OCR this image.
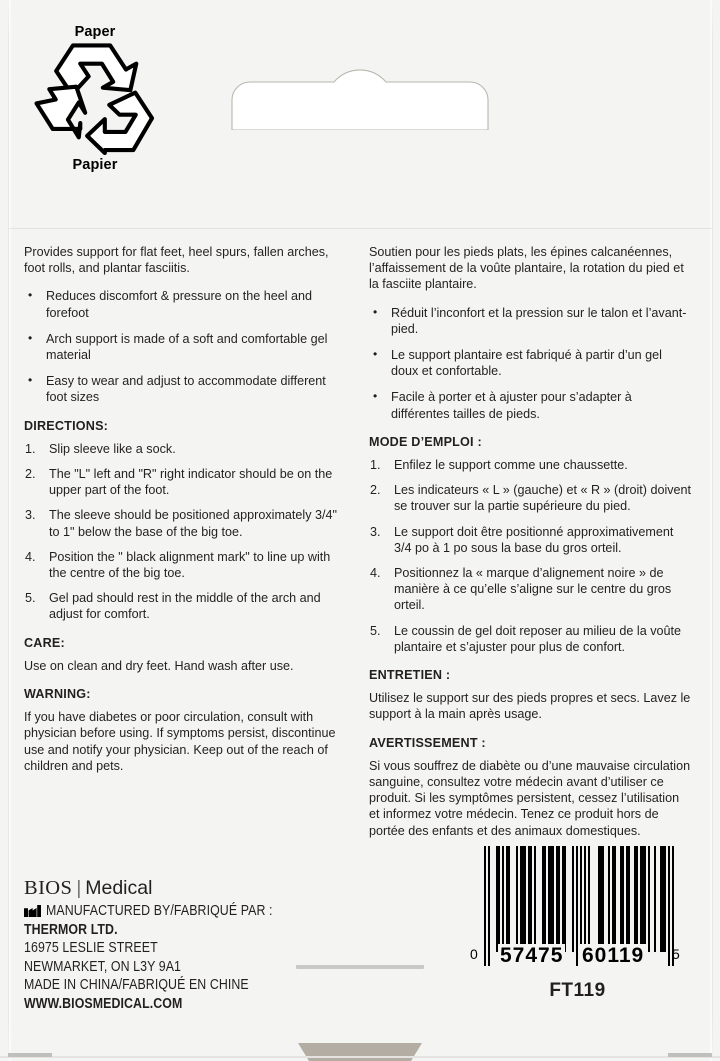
Paper
Papier

Provides support for flat feet, heel spurs, fallen arches, foot rolls, and plantar fasciitis.

• Reduces discomfort & pressure on the heel and forefoot
• Arch support is made of a soft and comfortable gel material
• Easy to wear and adjust to accommodate different foot sizes
DIRECTIONS:
Slip sleeve like a sock.
The "L" left and "R" right indicator should be on the upper part of the foot.
The sleeve should be positioned approximately 3/4" to 1" below the base of the big toe.
Position the " black alignment mark" to line up with the centre of the big toe.
Gel pad should rest in the middle of the arch and adjust for comfort.
CARE:

Use on clean and dry feet. Hand wash after use.

WARNING:

If you have diabetes or poor circulation, consult with physician before using. If symptoms persist, discontinue use and notify your physician. Keep out of the reach of children and pets.

Soutien pour les pieds plats, les épines calcanéennes, l’affaissement de la voûte plantaire, la rotation du pied et la fasciite plantaire.

• Réduit l’inconfort et la pression sur le talon et l’avant-pied.
• Le support plantaire est fabriqué à partir d’un gel doux et confortable.
• Facile à porter et à ajuster pour s’adapter à différentes tailles de pieds.
MODE D’EMPLOI :
Enfilez le support comme une chaussette.
Les indicateurs « L » (gauche) et « R » (droit) doivent se trouver sur la partie supérieure du pied.
Le support doit être positionné approximativement 3/4 po à 1 po sous la base du gros orteil.
Positionnez la « marque d’alignement noire » de manière à ce qu’elle s’aligne sur le centre du gros orteil.
Le coussin de gel doit reposer au milieu de la voûte plantaire et s’ajuster pour plus de confort.
ENTRETIEN :

Utilisez le support sur des pieds propres et secs. Lavez le support à la main après usage.

AVERTISSEMENT :

Si vous souffrez de diabète ou d’une mauvaise circulation sanguine, consultez votre médecin avant d’utiliser ce produit. Si les symptômes persistent, cessez l’utilisation et informez votre médecin. Tenez ce produit hors de portée des enfants et des animaux domestiques.

BIOS | Medical
MANUFACTURED BY/FABRIQUÉ PAR :
THERMOR LTD.
16975 LESLIE STREET
NEWMARKET, ON L3Y 9A1
MADE IN CHINA/FABRIQUÉ EN CHINE
WWW.BIOSMEDICAL.COM
0 57475 60119 5
FT119
